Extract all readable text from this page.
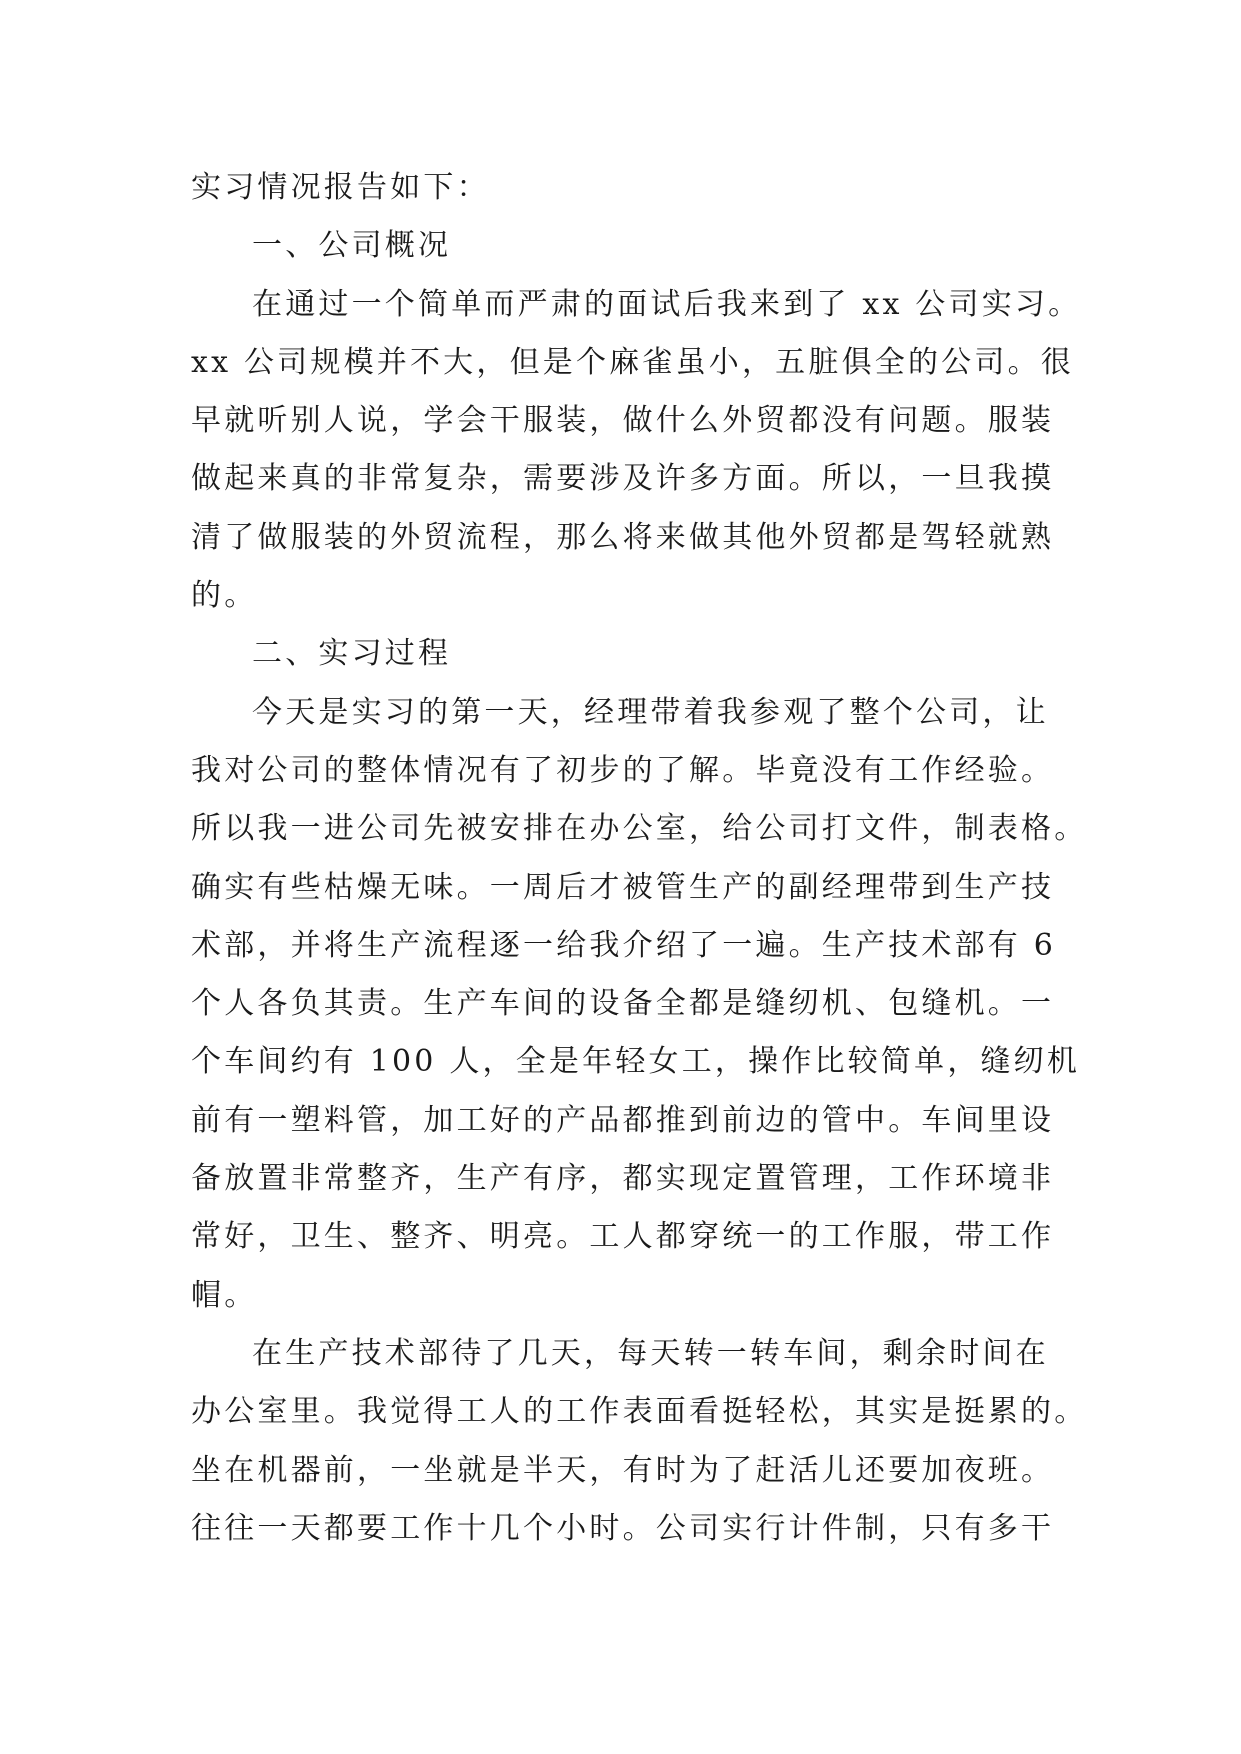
实习情况报告如下：
一、公司概况
在通过一个简单而严肃的面试后我来到了 xx 公司实习。
xx 公司规模并不大，但是个麻雀虽小，五脏俱全的公司。很
早就听别人说，学会干服装，做什么外贸都没有问题。服装
做起来真的非常复杂，需要涉及许多方面。所以，一旦我摸
清了做服装的外贸流程，那么将来做其他外贸都是驾轻就熟
的。
二、实习过程
今天是实习的第一天，经理带着我参观了整个公司，让
我对公司的整体情况有了初步的了解。毕竟没有工作经验。
所以我一进公司先被安排在办公室，给公司打文件，制表格。
确实有些枯燥无味。一周后才被管生产的副经理带到生产技
术部，并将生产流程逐一给我介绍了一遍。生产技术部有 6
个人各负其责。生产车间的设备全都是缝纫机、包缝机。一
个车间约有 100 人，全是年轻女工，操作比较简单，缝纫机
前有一塑料管，加工好的产品都推到前边的管中。车间里设
备放置非常整齐，生产有序，都实现定置管理，工作环境非
常好，卫生、整齐、明亮。工人都穿统一的工作服，带工作
帽。
在生产技术部待了几天，每天转一转车间，剩余时间在
办公室里。我觉得工人的工作表面看挺轻松，其实是挺累的。
坐在机器前，一坐就是半天，有时为了赶活儿还要加夜班。
往往一天都要工作十几个小时。公司实行计件制，只有多干
